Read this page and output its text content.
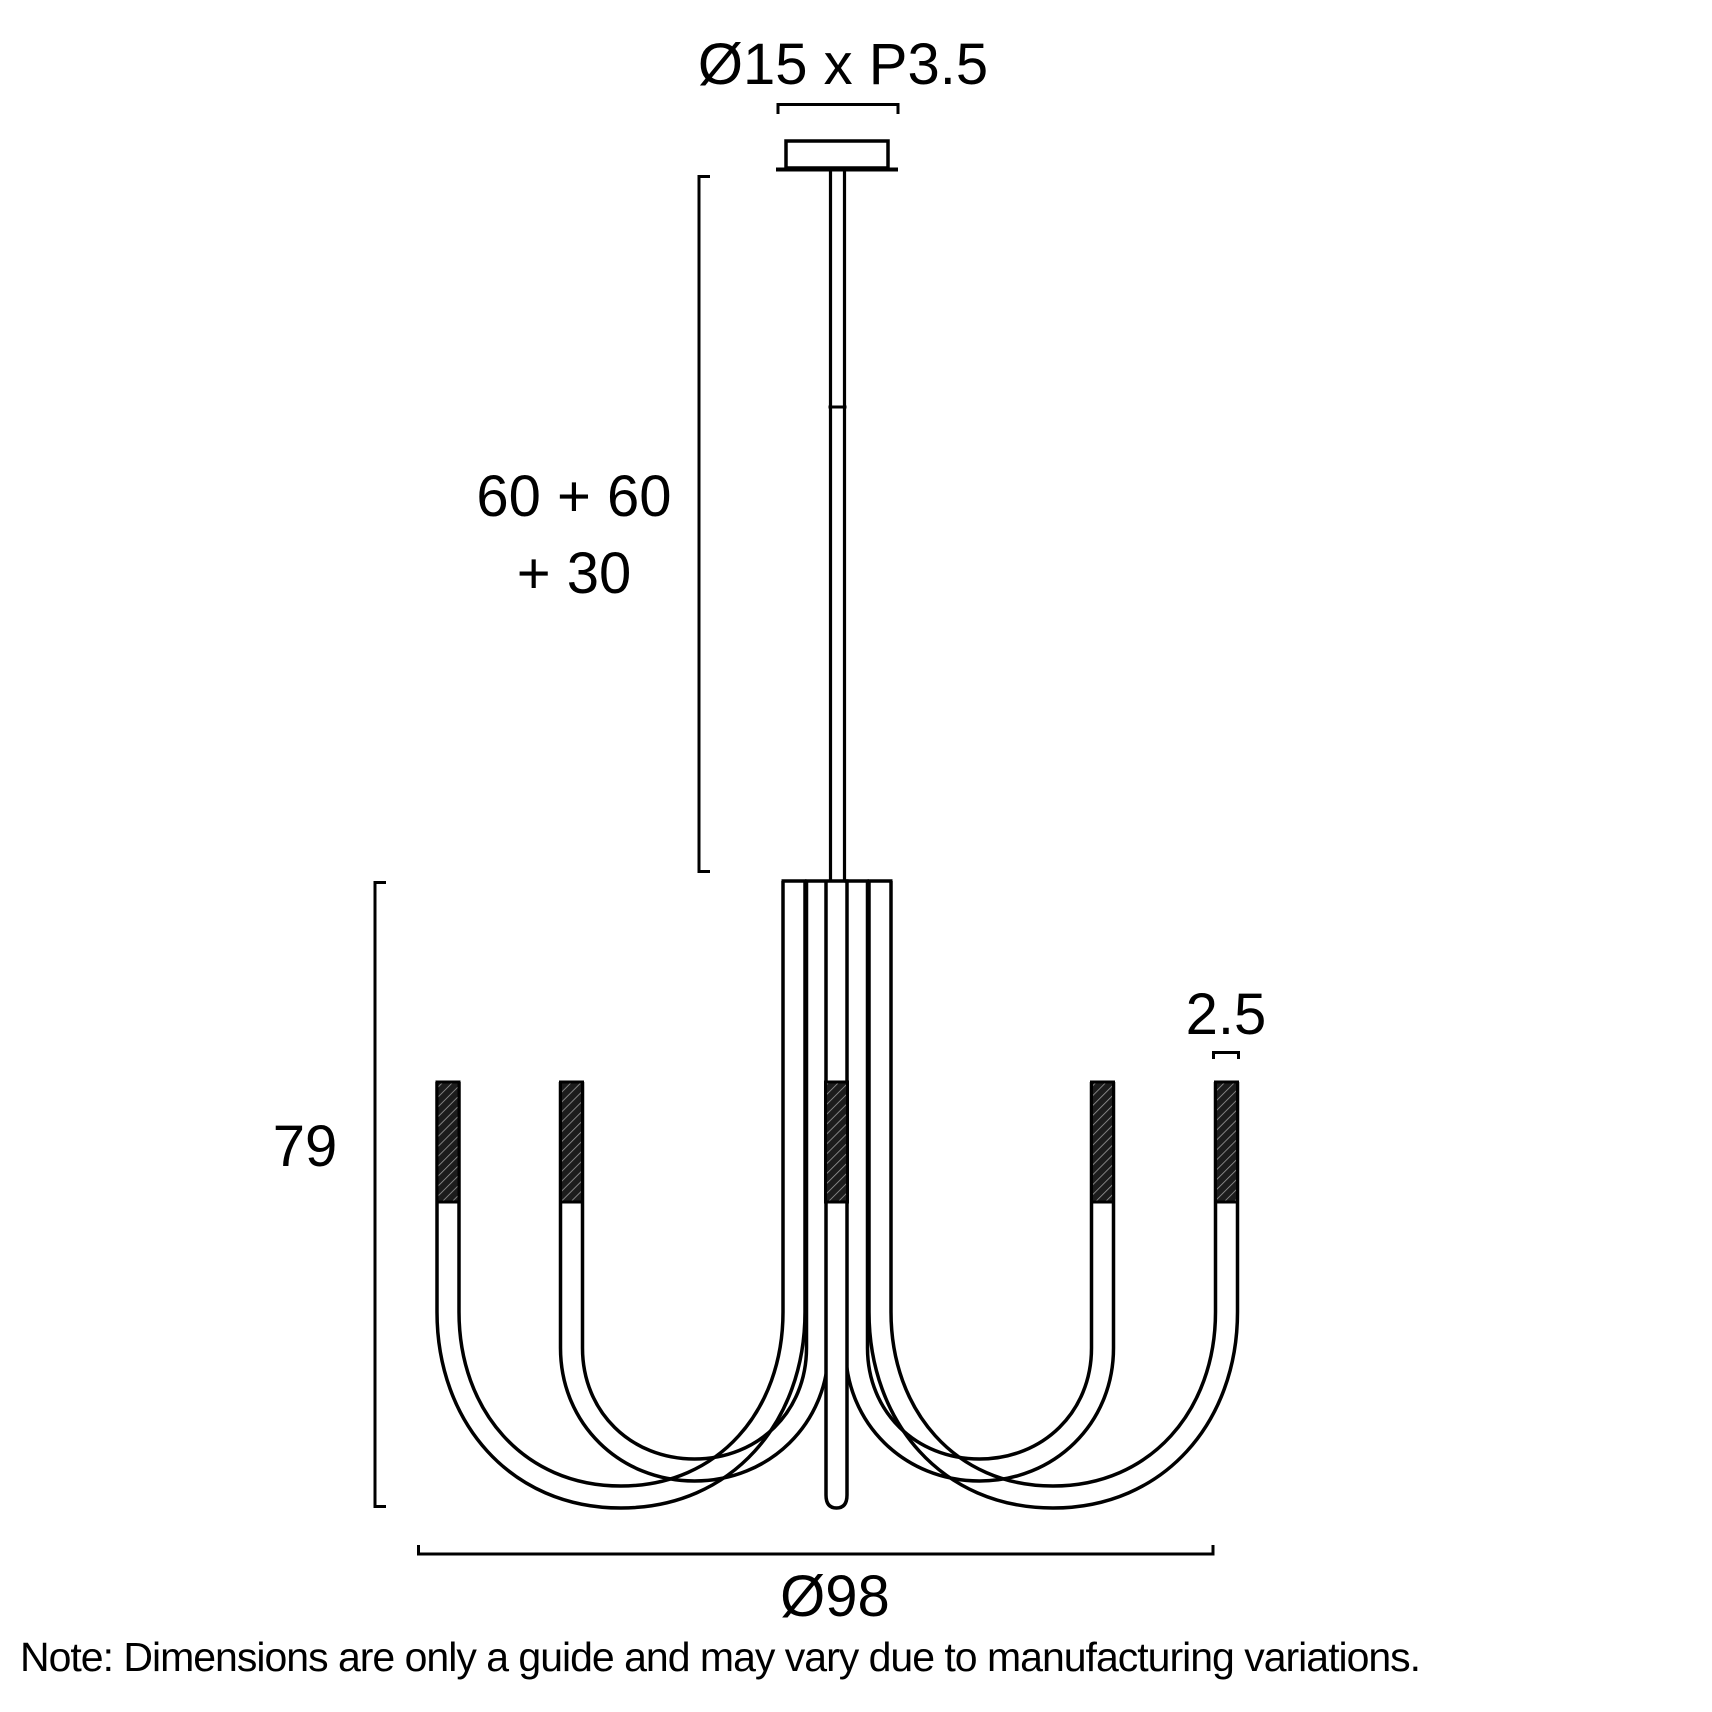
Ø15 x P3.5
60 + 60
+ 30
79
2.5
Ø98
Note: Dimensions are only a guide and may vary due to manufacturing variations.
